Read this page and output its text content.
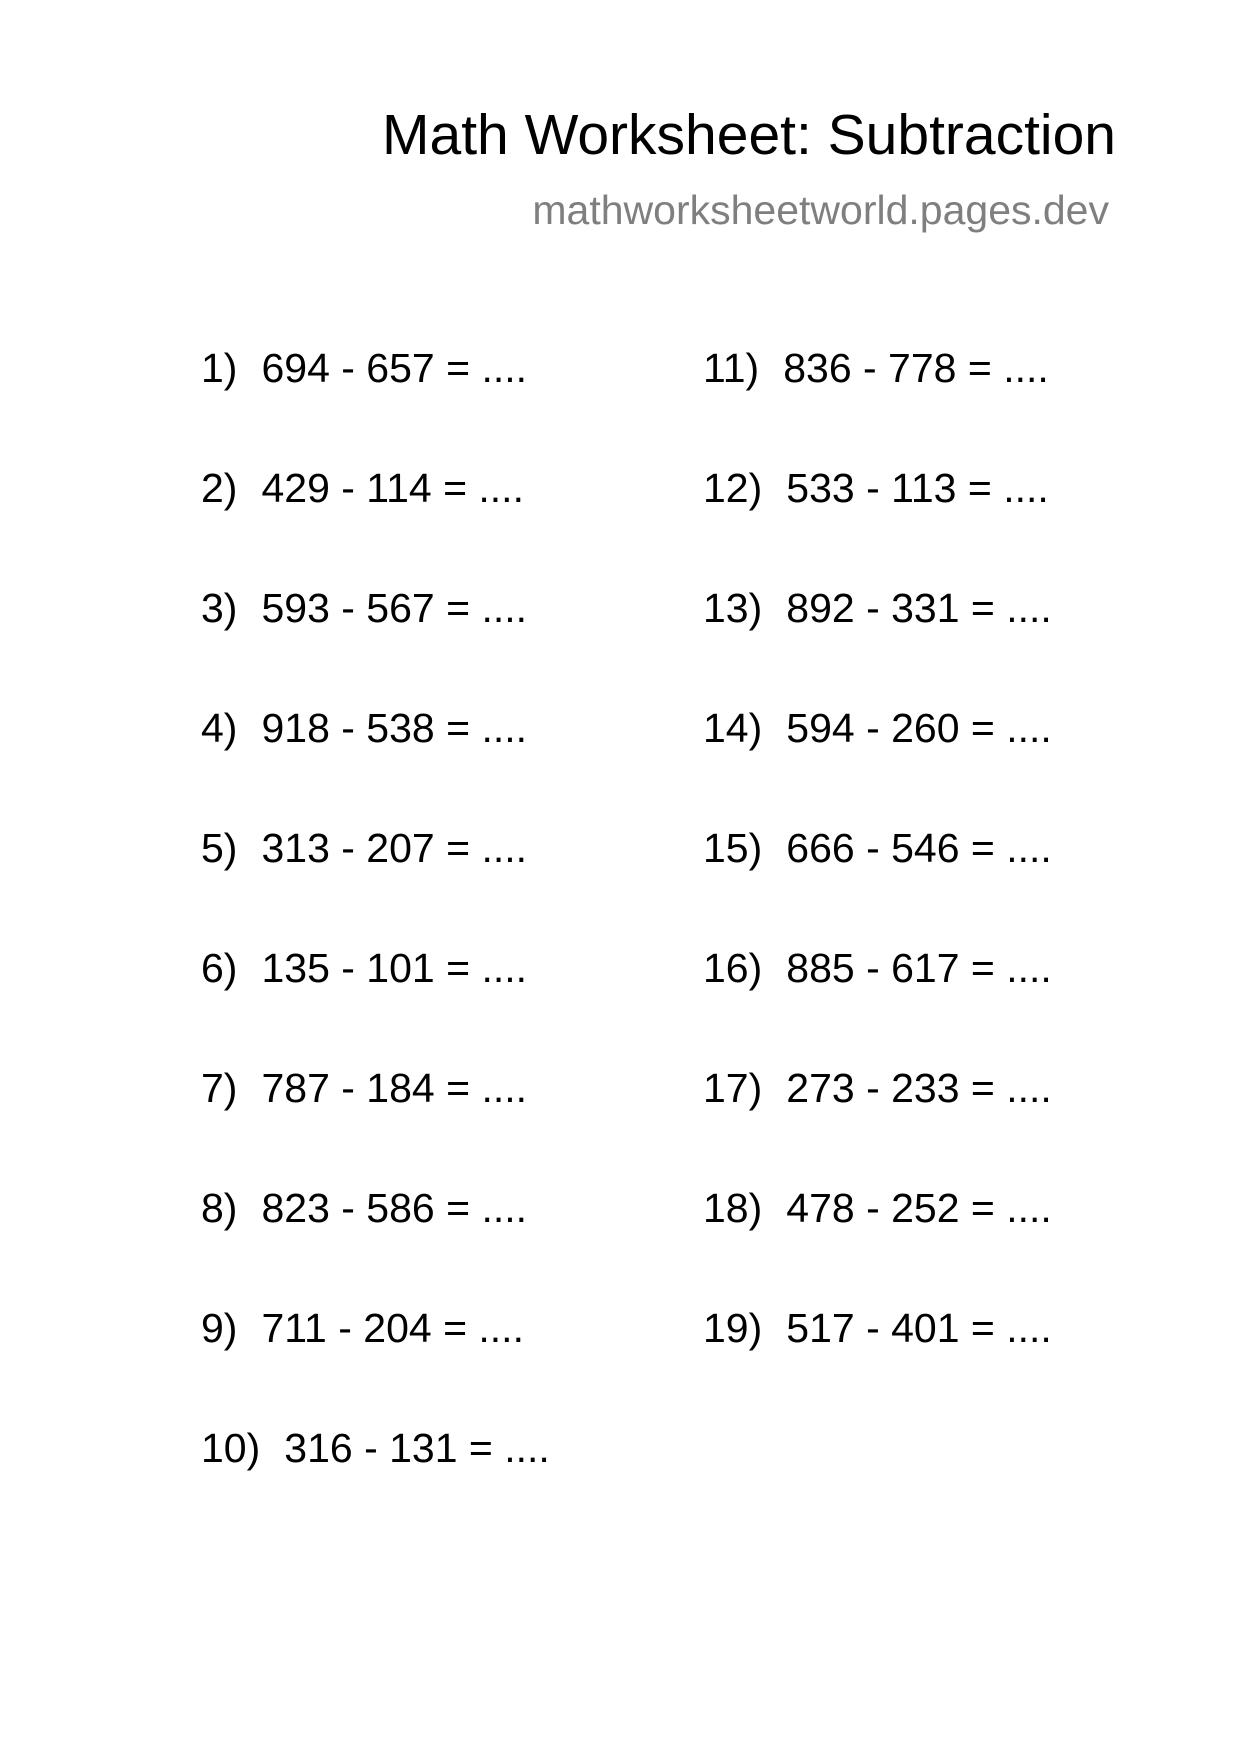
Math Worksheet: Subtraction
mathworksheetworld.pages.dev
1) 694 - 657 = ....
2) 429 - 114 = ....
3) 593 - 567 = ....
4) 918 - 538 = ....
5) 313 - 207 = ....
6) 135 - 101 = ....
7) 787 - 184 = ....
8) 823 - 586 = ....
9) 711 - 204 = ....
10) 316 - 131 = ....
11) 836 - 778 = ....
12) 533 - 113 = ....
13) 892 - 331 = ....
14) 594 - 260 = ....
15) 666 - 546 = ....
16) 885 - 617 = ....
17) 273 - 233 = ....
18) 478 - 252 = ....
19) 517 - 401 = ....
